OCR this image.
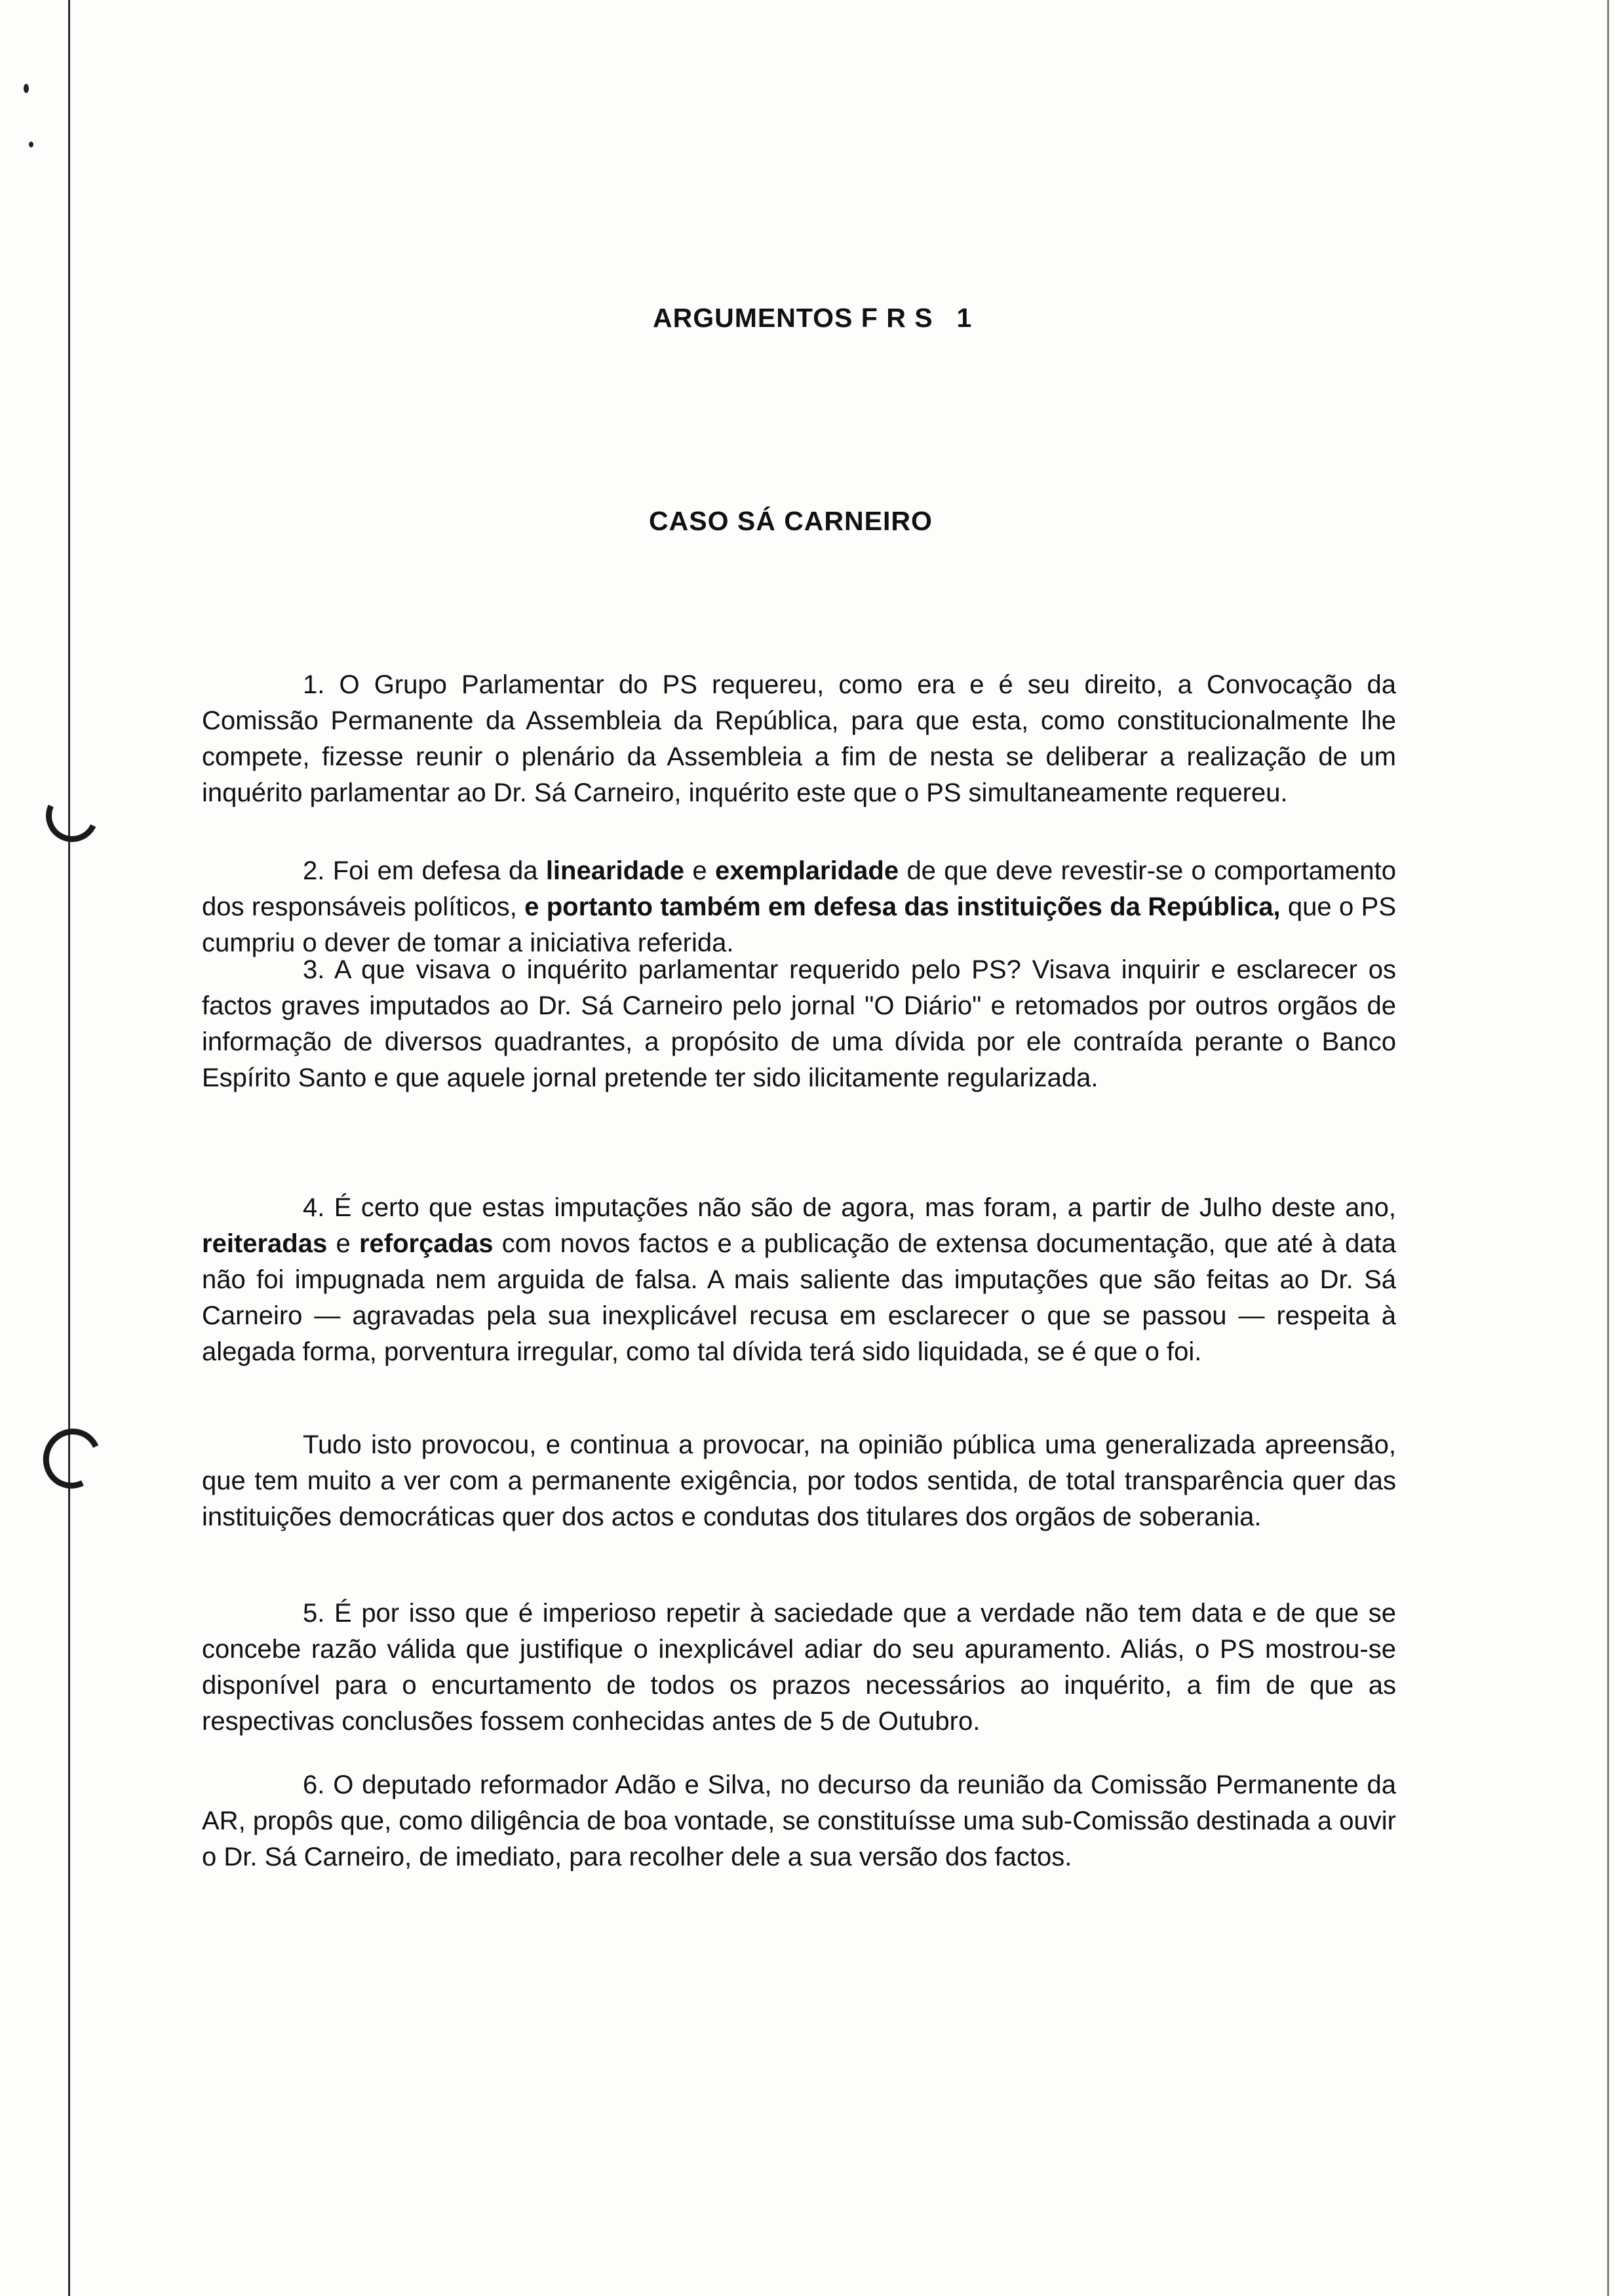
ARGUMENTOS F R S 1
CASO SÁ CARNEIRO

1. O Grupo Parlamentar do PS requereu, como era e é seu direito, a Convocação da Comissão Permanente da Assembleia da República, para que esta, como constitucionalmente lhe compete, fizesse reunir o plenário da Assembleia a fim de nesta se deliberar a realização de um inquérito parlamentar ao Dr. Sá Carneiro, inquérito este que o PS simultaneamente requereu.

2. Foi em defesa da linearidade e exemplaridade de que deve revestir-se o comportamento dos responsáveis políticos, e portanto também em defesa das instituições da República, que o PS cumpriu o dever de tomar a iniciativa referida.

3. A que visava o inquérito parlamentar requerido pelo PS? Visava inquirir e esclarecer os factos graves imputados ao Dr. Sá Carneiro pelo jornal "O Diário" e retomados por outros orgãos de informação de diversos quadrantes, a propósito de uma dívida por ele contraída perante o Banco Espírito Santo e que aquele jornal pretende ter sido ilicitamente regularizada.

4. É certo que estas imputações não são de agora, mas foram, a partir de Julho deste ano, reiteradas e reforçadas com novos factos e a publicação de extensa documentação, que até à data não foi impugnada nem arguida de falsa. A mais saliente das imputações que são feitas ao Dr. Sá Carneiro — agravadas pela sua inexplicável recusa em esclarecer o que se passou — respeita à alegada forma, porventura irregular, como tal dívida terá sido liquidada, se é que o foi.

Tudo isto provocou, e continua a provocar, na opinião pública uma generalizada apreensão, que tem muito a ver com a permanente exigência, por todos sentida, de total transparência quer das instituições democráticas quer dos actos e condutas dos titulares dos orgãos de soberania.

5. É por isso que é imperioso repetir à saciedade que a verdade não tem data e de que se concebe razão válida que justifique o inexplicável adiar do seu apuramento. Aliás, o PS mostrou-se disponível para o encurtamento de todos os prazos necessários ao inquérito, a fim de que as respectivas conclusões fossem conhecidas antes de 5 de Outubro.

6. O deputado reformador Adão e Silva, no decurso da reunião da Comissão Permanente da AR, propôs que, como diligência de boa vontade, se constituísse uma sub-Comissão destinada a ouvir o Dr. Sá Carneiro, de imediato, para recolher dele a sua versão dos factos.
